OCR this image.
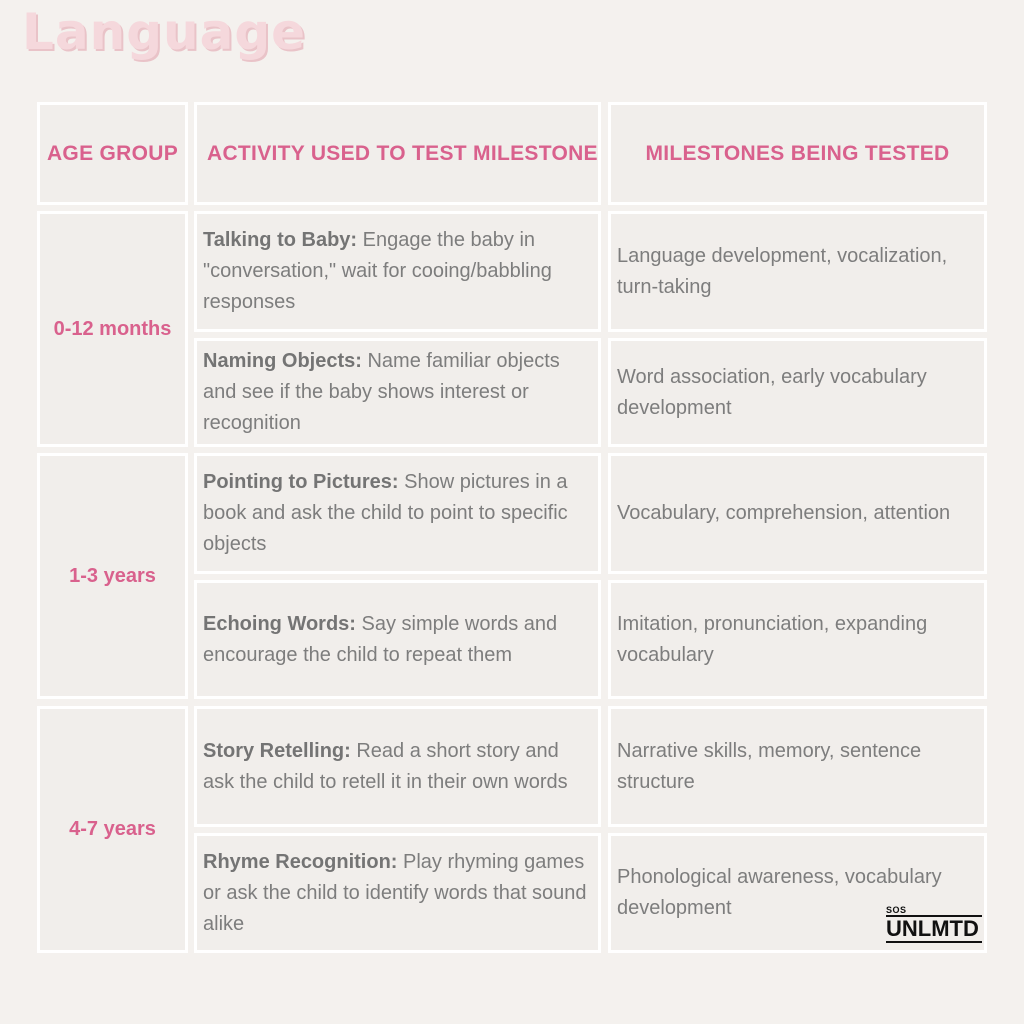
Language
AGE GROUP ACTIVITY USED TO TEST MILESTONE MILESTONES BEING TESTED
0-12 months
Talking to Baby: Engage the baby in "conversation," wait for cooing/babbling responses
Language development, vocalization, turn-taking
Naming Objects: Name familiar objects and see if the baby shows interest or recognition
Word association, early vocabulary development
1-3 years
Pointing to Pictures: Show pictures in a book and ask the child to point to specific objects
Vocabulary, comprehension, attention
Echoing Words: Say simple words and encourage the child to repeat them
Imitation, pronunciation, expanding vocabulary
4-7 years
Story Retelling: Read a short story and ask the child to retell it in their own words
Narrative skills, memory, sentence structure
Rhyme Recognition: Play rhyming games or ask the child to identify words that sound alike
Phonological awareness, vocabulary development	SOS
UNLMTD
